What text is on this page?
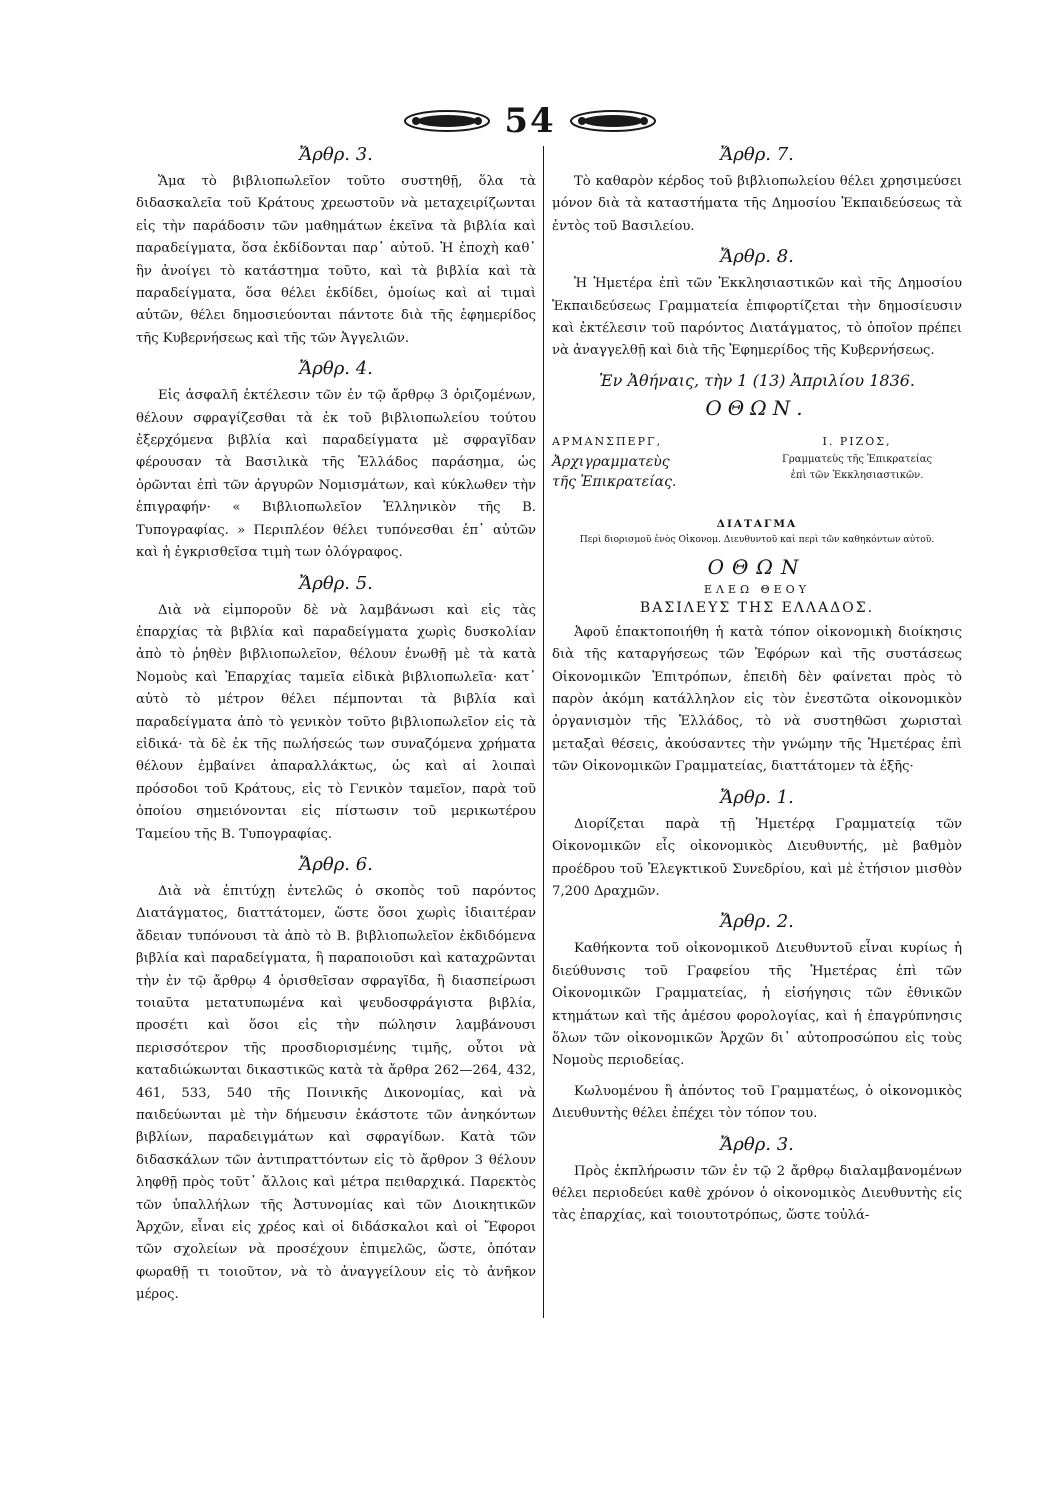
54
Ἄρθρ. 3.

Ἅμα τὸ βιβλιοπωλεῖον τοῦτο συστηθῇ, ὅλα τὰ διδασκαλεῖα τοῦ Κράτους χρεωστοῦν νὰ μεταχειρίζωνται εἰς τὴν παράδοσιν τῶν μαθημάτων ἐκεῖνα τὰ βιβλία καὶ παραδείγματα, ὅσα ἐκδίδονται παρ᾽ αὐτοῦ. Ἡ ἐποχὴ καθ᾽ ἣν ἀνοίγει τὸ κατάστημα τοῦτο, καὶ τὰ βιβλία καὶ τὰ παραδείγματα, ὅσα θέλει ἐκδίδει, ὁμοίως καὶ αἱ τιμαὶ αὐτῶν, θέλει δημοσιεύονται πάντοτε διὰ τῆς ἐφημερίδος τῆς Κυβερνήσεως καὶ τῆς τῶν Ἀγγελιῶν.

Ἄρθρ. 4.

Εἰς ἀσφαλῆ ἐκτέλεσιν τῶν ἐν τῷ ἄρθρῳ 3 ὁριζομένων, θέλουν σφραγίζεσθαι τὰ ἐκ τοῦ βιβλιοπωλείου τούτου ἐξερχόμενα βιβλία καὶ παραδείγματα μὲ σφραγῖδαν φέρουσαν τὰ Βασιλικὰ τῆς Ἑλλάδος παράσημα, ὡς ὁρῶνται ἐπὶ τῶν ἀργυρῶν Νομισμάτων, καὶ κύκλωθεν τὴν ἐπιγραφήν· « Βιβλιοπωλεῖον Ἑλληνικὸν τῆς Β. Τυπογραφίας. » Περιπλέον θέλει τυπόνεσθαι ἐπ᾽ αὐτῶν καὶ ἡ ἐγκρισθεῖσα τιμὴ των ὁλόγραφος.

Ἄρθρ. 5.

Διὰ νὰ εἰμποροῦν δὲ νὰ λαμβάνωσι καὶ εἰς τὰς ἐπαρχίας τὰ βιβλία καὶ παραδείγματα χωρὶς δυσκολίαν ἀπὸ τὸ ῥηθὲν βιβλιοπωλεῖον, θέλουν ἑνωθῇ μὲ τὰ κατὰ Νομοὺς καὶ Ἐπαρχίας ταμεῖα εἰδικὰ βιβλιοπωλεῖα· κατ᾽ αὐτὸ τὸ μέτρον θέλει πέμπονται τὰ βιβλία καὶ παραδείγματα ἀπὸ τὸ γενικὸν τοῦτο βιβλιοπωλεῖον εἰς τὰ εἰδικά· τὰ δὲ ἐκ τῆς πωλήσεώς των συναζόμενα χρήματα θέλουν ἐμβαίνει ἀπαραλλάκτως, ὡς καὶ αἱ λοιπαὶ πρόσοδοι τοῦ Κράτους, εἰς τὸ Γενικὸν ταμεῖον, παρὰ τοῦ ὁποίου σημειόνονται εἰς πίστωσιν τοῦ μερικωτέρου Ταμείου τῆς Β. Τυπογραφίας.

Ἄρθρ. 6.

Διὰ νὰ ἐπιτύχῃ ἐντελῶς ὁ σκοπὸς τοῦ παρόντος Διατάγματος, διαττάτομεν, ὥστε ὅσοι χωρὶς ἰδιαιτέραν ἄδειαν τυπόνουσι τὰ ἀπὸ τὸ Β. βιβλιοπωλεῖον ἐκδιδόμενα βιβλία καὶ παραδείγματα, ἢ παραποιοῦσι καὶ καταχρῶνται τὴν ἐν τῷ ἄρθρῳ 4 ὁρισθεῖσαν σφραγῖδα, ἢ διασπείρωσι τοιαῦτα μετατυπωμένα καὶ ψευδοσφράγιστα βιβλία, προσέτι καὶ ὅσοι εἰς τὴν πώλησιν λαμβάνουσι περισσότερον τῆς προσδιορισμένης τιμῆς, οὗτοι νὰ καταδιώκωνται δικαστικῶς κατὰ τὰ ἄρθρα 262—264, 432, 461, 533, 540 τῆς Ποινικῆς Δικονομίας, καὶ νὰ παιδεύωνται μὲ τὴν δήμευσιν ἑκάστοτε τῶν ἀνηκόντων βιβλίων, παραδειγμάτων καὶ σφραγίδων. Κατὰ τῶν διδασκάλων τῶν ἀντιπραττόντων εἰς τὸ ἄρθρον 3 θέλουν ληφθῇ πρὸς τοῦτ᾽ ἄλλοις καὶ μέτρα πειθαρχικά. Παρεκτὸς τῶν ὑπαλλήλων τῆς Ἀστυνομίας καὶ τῶν Διοικητικῶν Ἀρχῶν, εἶναι εἰς χρέος καὶ οἱ διδάσκαλοι καὶ οἱ Ἔφοροι τῶν σχολείων νὰ προσέχουν ἐπιμελῶς, ὥστε, ὁπόταν φωραθῇ τι τοιοῦτον, νὰ τὸ ἀναγγείλουν εἰς τὸ ἀνῆκον μέρος.

Ἄρθρ. 7.

Τὸ καθαρὸν κέρδος τοῦ βιβλιοπωλείου θέλει χρησιμεύσει μόνον διὰ τὰ καταστήματα τῆς Δημοσίου Ἐκπαιδεύσεως τὰ ἐντὸς τοῦ Βασιλείου.

Ἄρθρ. 8.

Ἡ Ἡμετέρα ἐπὶ τῶν Ἐκκλησιαστικῶν καὶ τῆς Δημοσίου Ἐκπαιδεύσεως Γραμματεία ἐπιφορτίζεται τὴν δημοσίευσιν καὶ ἐκτέλεσιν τοῦ παρόντος Διατάγματος, τὸ ὁποῖον πρέπει νὰ ἀναγγελθῇ καὶ διὰ τῆς Ἐφημερίδος τῆς Κυβερνήσεως.

Ἐν Ἀθήναις, τὴν 1 (13) Ἀπριλίου 1836.
ΟΘΩΝ.
ΑΡΜΑΝΣΠΕΡΓ,
Ἀρχιγραμματεὺς
τῆς Ἐπικρατείας.
Ι. ΡΙΖΟΣ,
Γραμματεὺς τῆς Ἐπικρατείας
ἐπὶ τῶν Ἐκκλησιαστικῶν.
ΔΙΑΤΑΓΜΑ
Περὶ διορισμοῦ ἑνὸς Οἰκονομ. Διευθυντοῦ καὶ περὶ τῶν καθηκόντων αὐτοῦ.
ΟΘΩΝ
ΕΛΕΩ ΘΕΟΥ
ΒΑΣΙΛΕΥΣ ΤΗΣ ΕΛΛΑΔΟΣ.

Ἀφοῦ ἐπακτοποιήθη ἡ κατὰ τόπον οἰκονομικὴ διοίκησις διὰ τῆς καταργήσεως τῶν Ἐφόρων καὶ τῆς συστάσεως Οἰκονομικῶν Ἐπιτρόπων, ἐπειδὴ δὲν φαίνεται πρὸς τὸ παρὸν ἀκόμη κατάλληλον εἰς τὸν ἐνεστῶτα οἰκονομικὸν ὀργανισμὸν τῆς Ἑλλάδος, τὸ νὰ συστηθῶσι χωρισταὶ μεταξαὶ θέσεις, ἀκούσαντες τὴν γνώμην τῆς Ἡμετέρας ἐπὶ τῶν Οἰκονομικῶν Γραμματείας, διαττάτομεν τὰ ἑξῆς·

Ἄρθρ. 1.

Διορίζεται παρὰ τῇ Ἡμετέρᾳ Γραμματείᾳ τῶν Οἰκονομικῶν εἷς οἰκονομικὸς Διευθυντής, μὲ βαθμὸν προέδρου τοῦ Ἐλεγκτικοῦ Συνεδρίου, καὶ μὲ ἐτήσιον μισθὸν 7,200 Δραχμῶν.

Ἄρθρ. 2.

Καθήκοντα τοῦ οἰκονομικοῦ Διευθυντοῦ εἶναι κυρίως ἡ διεύθυνσις τοῦ Γραφείου τῆς Ἡμετέρας ἐπὶ τῶν Οἰκονομικῶν Γραμματείας, ἡ εἰσήγησις τῶν ἐθνικῶν κτημάτων καὶ τῆς ἀμέσου φορολογίας, καὶ ἡ ἐπαγρύπνησις ὅλων τῶν οἰκονομικῶν Ἀρχῶν δι᾽ αὐτοπροσώπου εἰς τοὺς Νομοὺς περιοδείας.

Κωλυομένου ἢ ἀπόντος τοῦ Γραμματέως, ὁ οἰκονομικὸς Διευθυντὴς θέλει ἐπέχει τὸν τόπον του.

Ἄρθρ. 3.

Πρὸς ἐκπλήρωσιν τῶν ἐν τῷ 2 ἄρθρῳ διαλαμβανομένων θέλει περιοδεύει καθὲ χρόνον ὁ οἰκονομικὸς Διευθυντὴς εἰς τὰς ἐπαρχίας, καὶ τοιουτοτρόπως, ὥστε τοὐλά-
